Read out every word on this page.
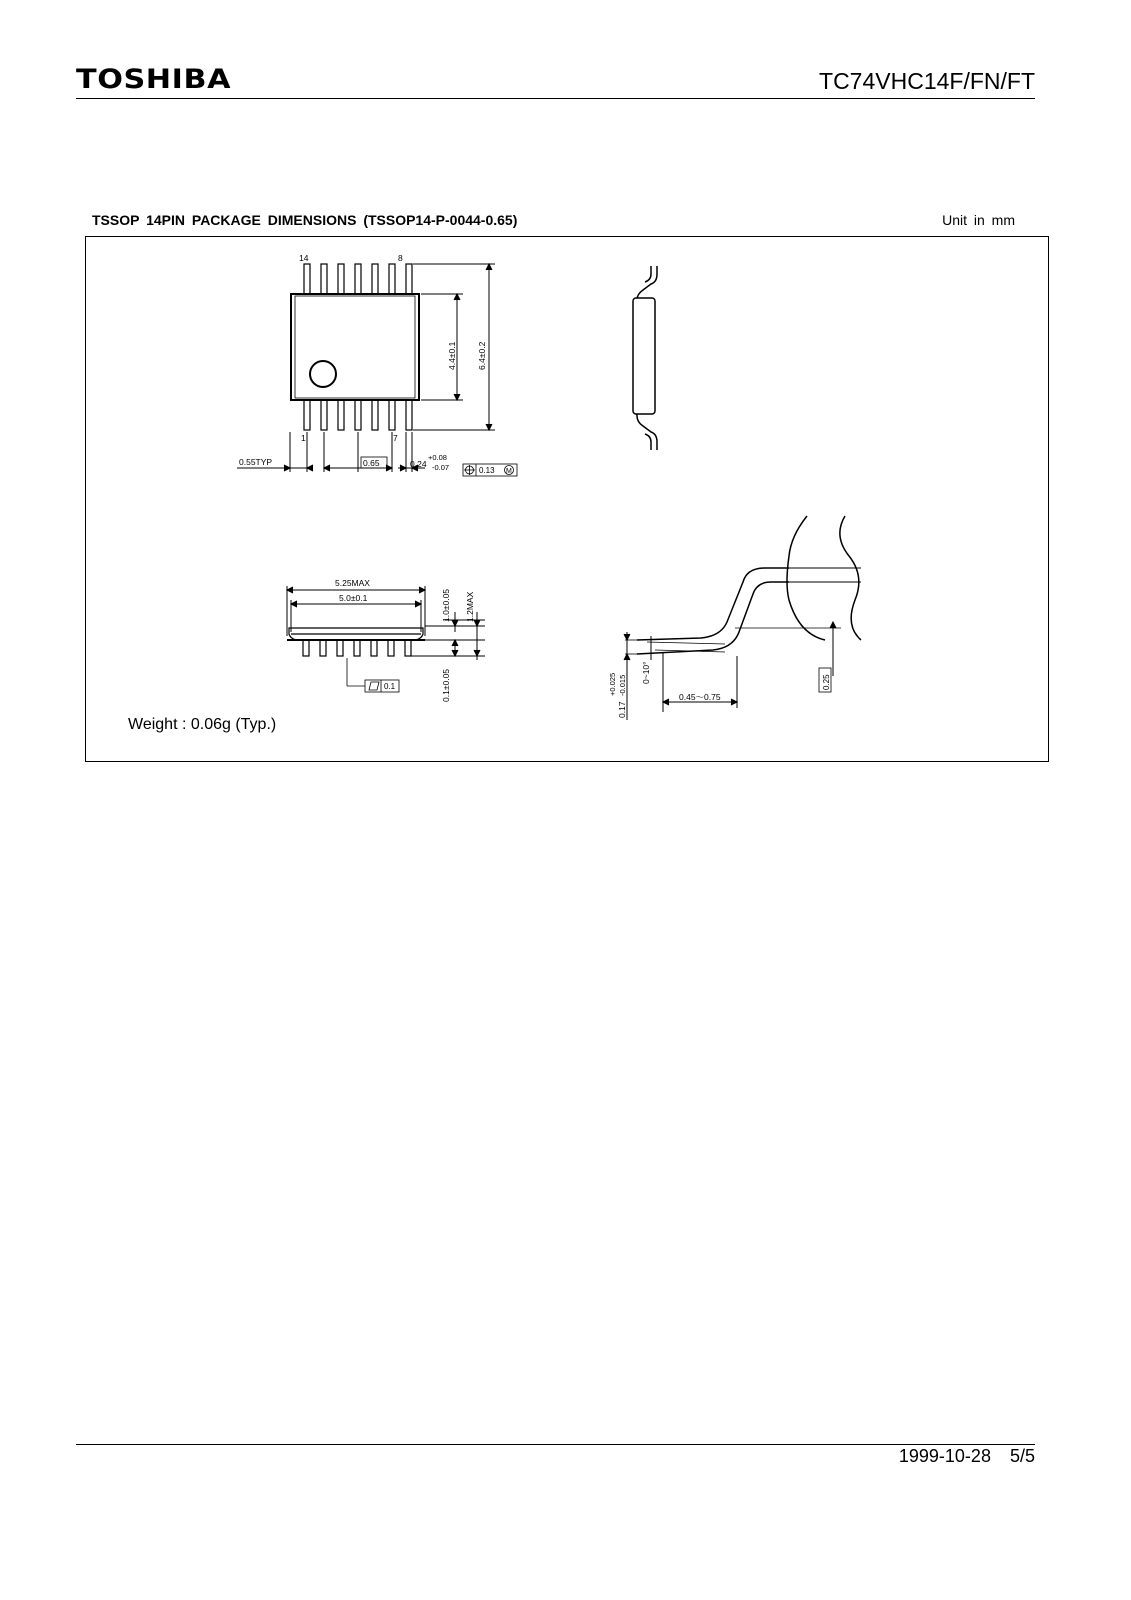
TOSHIBA	TC74VHC14F/FN/FT
TSSOP 14PIN PACKAGE DIMENSIONS (TSSOP14-P-0044-0.65)	Unit in mm
14	8
1	7
4.4±0.1 6.4±0.2
0.55TYP	0.65	0.24
+0.08
-0.07	0.13 M
5.25MAX
5.0±0.1	1.0±0.05 1.2MAX
0.1±0.05
0.1
0.17
+0.025 -0.015
0~10°
0.45～0.75
0.25
Weight : 0.06g (Typ.)
1999-10-28 5/5
